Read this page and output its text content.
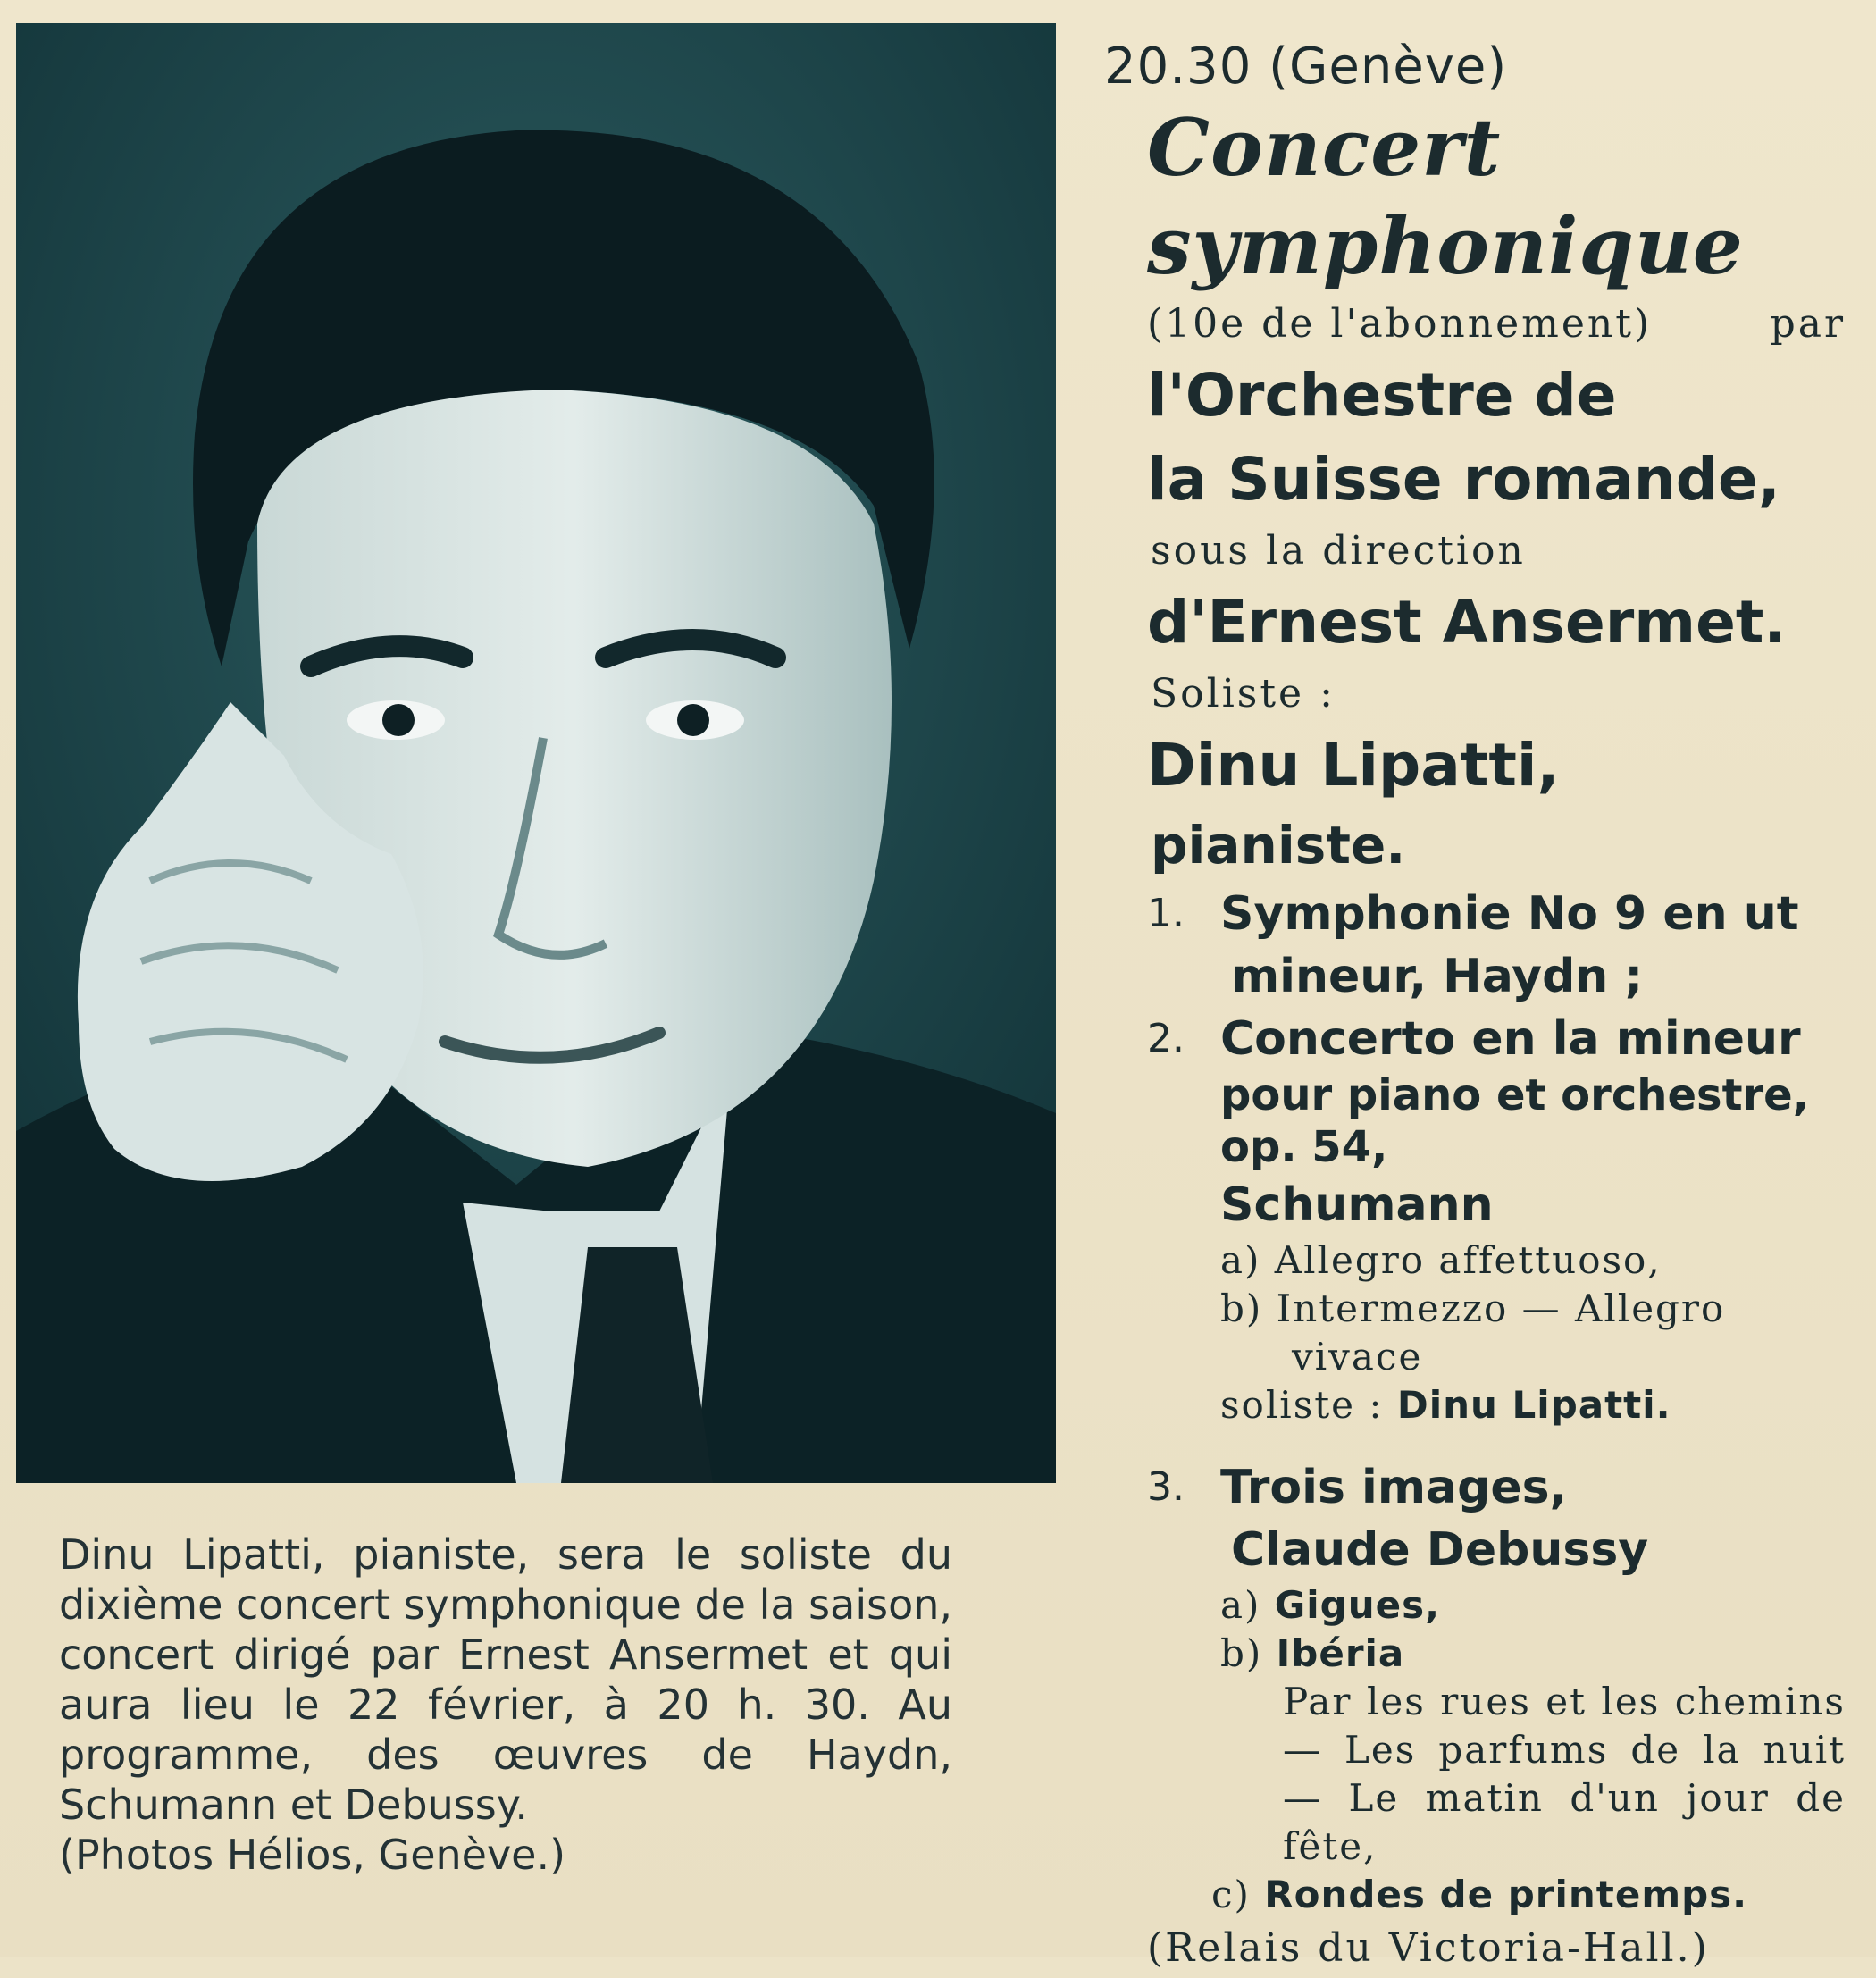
Dinu Lipatti, pianiste, sera le soliste du dixième concert symphonique de la saison, concert dirigé par Ernest Ansermet et qui aura lieu le 22 février, à 20 h. 30. Au programme, des œuvres de Haydn, Schumann et Debussy.

(Photos Hélios, Genève.)

20.30 (Genève)
Concert
symphonique
(10e de l'abonnement)	par
l'Orchestre de
la Suisse romande,
sous la direction
d'Ernest Ansermet.
Soliste :
Dinu Lipatti,
pianiste.
1. Symphonie No 9 en ut
mineur, Haydn ;
2. Concerto en la mineur
pour piano et orchestre,
op. 54,
Schumann
a) Allegro affettuoso,
b) Intermezzo — Allegro
vivace
soliste : Dinu Lipatti.
3. Trois images,
Claude Debussy
a) Gigues,
b) Ibéria
Par les rues et les chemins — Les parfums de la nuit — Le matin d'un jour de fête,
c) Rondes de printemps.
(Relais du Victoria-Hall.)
